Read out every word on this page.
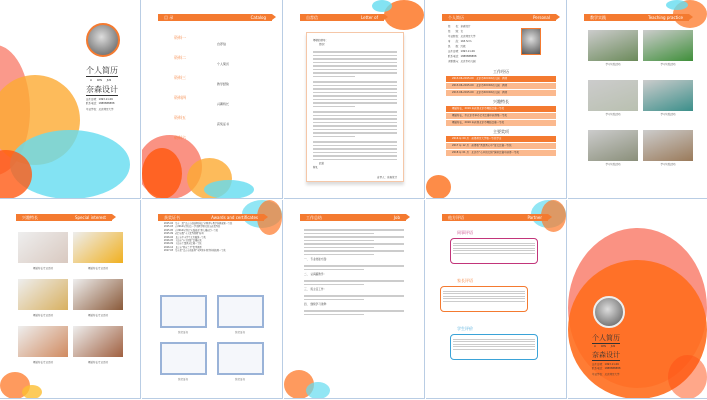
个人简历
LI WIN JUN
奈森设计
出生日期：1993.11.06
联系电话：1888888888
毕业学校：北京师范大学
目 录	Catalog
资料一
资料二
资料三
资料四
资料五
资料六
自荐信
个人简历
教学经验
兴趣特长
获奖证书
自荐信	Letter of
尊敬的领导：
您好！
此致
敬礼
自荐人：奈森设计
个人简历	Personal
姓　　名：奈森设计
性　　别：女
毕业院校：北京师范大学
身　　高：163.5cm
民　　族：汉族
出生日期：1993.11.06
联系电话：1888888888
求职意向：北京市幼儿园
工作经历
2013.06-2015.09　北京市XXXXX幼儿园　教师
2013.06-2015.09　北京市XXXXX幼儿园　教师
2013.06-2015.09　北京市XXXXX幼儿园　教师
兴趣特长
舞蹈特长，2016 年获得北京市舞蹈比赛一等奖
舞蹈特长，市北京市举办艺术比赛中获得第一等奖
舞蹈特长，2016 年获得北京市舞蹈比赛一等奖
主要奖项
2016 年 09 月　获得师范大学第一等奖学金
2017 年 12 月　获得第“我是我心中”征文比赛一等奖
2018 年 01 月　北京市“心中的太阳”演讲比赛中获得一等奖
教学实践	Teaching practice
学习实践活动	学习实践活动
学习实践活动	学习实践活动
学习实践活动	学习实践活动
兴趣特长	Special interest
舞蹈特长专业活动	舞蹈特长专业活动
舞蹈特长专业活动	舞蹈特长专业活动
舞蹈特长专业活动	舞蹈特长专业活动
获奖证书	Awards and certificates
2015.02　第十三届“北京市创新杯科技”全国青年教学科研成果一等奖
2015.03　在2014年学校第一学期教学研究奖荣获优秀奖
2015.05　在2014年学校“实践创新”杯大赛获得一等奖
2015.09　获得市级“十大优秀教师”称号
2016.02　北京市中小学生艺术展演一等奖
2016.05　上海市“小金钥匙”比赛获奖
2016.09　上海市主题教育比赛一等奖
2016.12　北京市“教育之星”优秀教师
2017.03　第十届“北京市创新杯”全国青年教学科研成果一等奖
奖状证书	奖状证书
奖状证书	奖状证书
工作总结	Job
一、　专业技能方面：
二、　认真搞教学：
三、　班主任工作：
四、　继续学习进修：
他方评语	Partner
同事评语
家长评语
学生评价
个人简历
LI WIN JUN
奈森设计
出生日期：1993.11.06
联系电话：1888888888
毕业学校：北京师范大学
